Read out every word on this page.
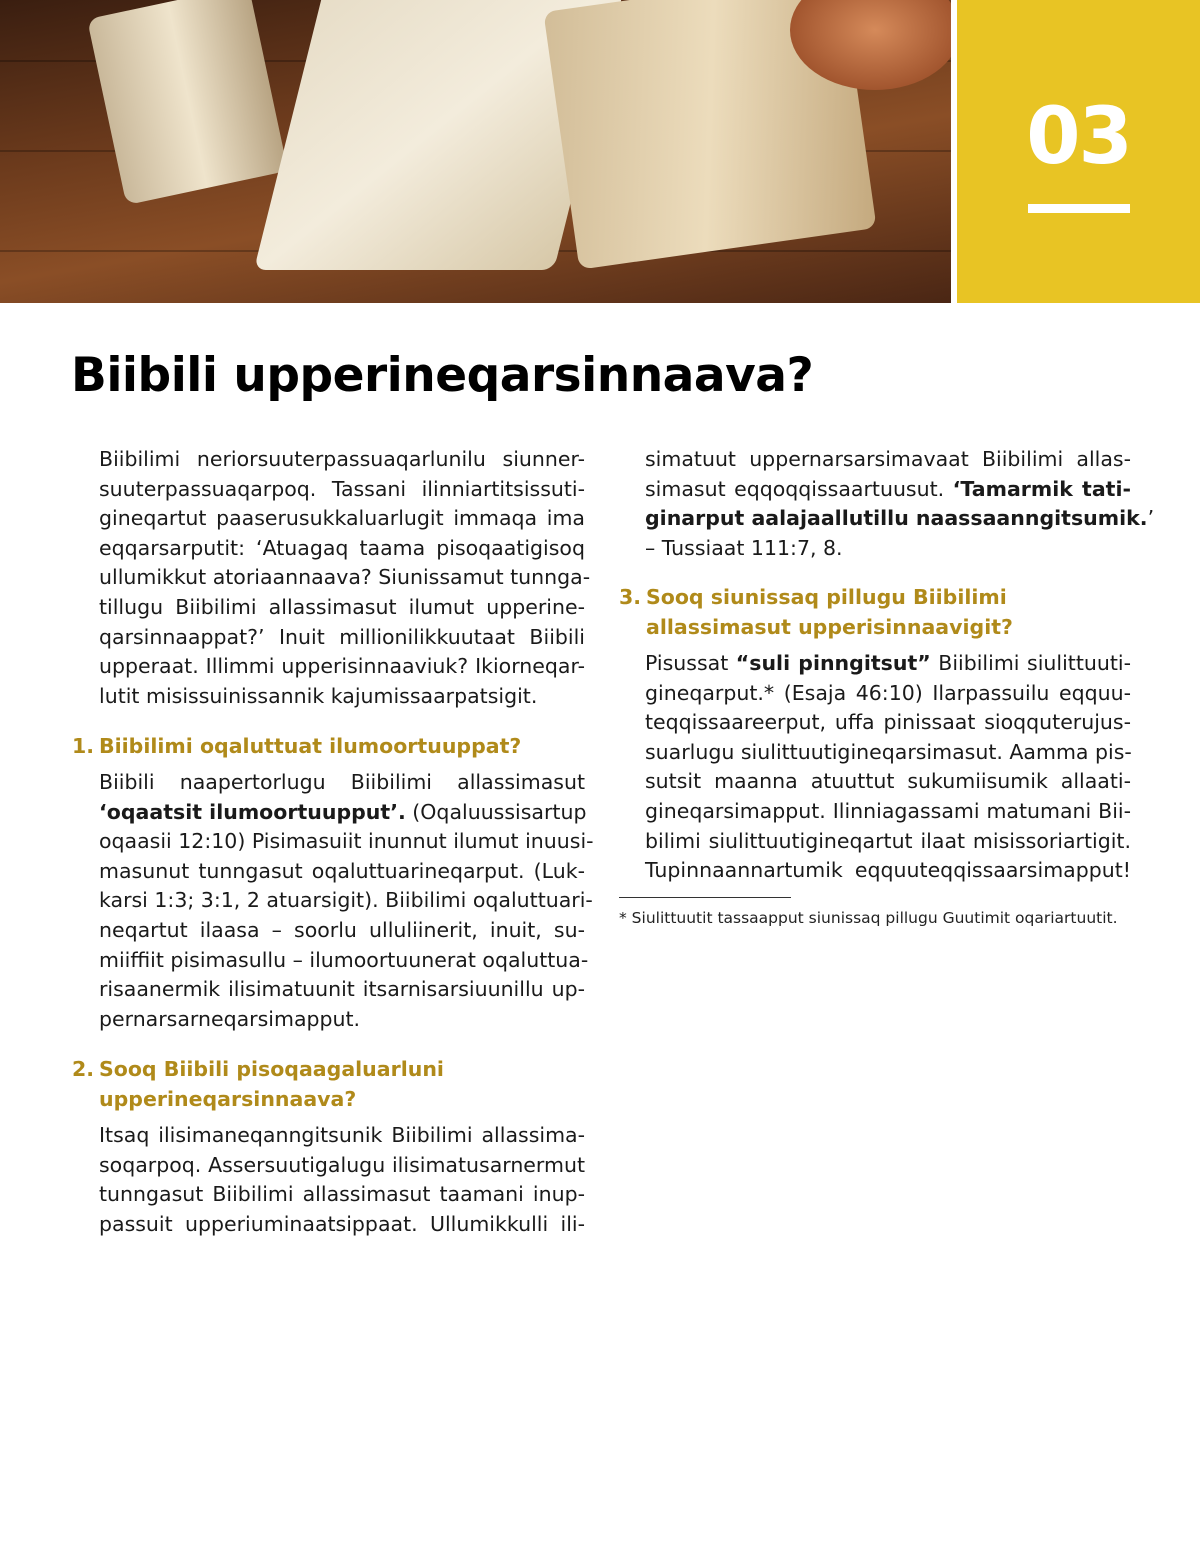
03
Biibili upperineqarsinnaava?
Biibilimi neriorsuuterpassuaqarlunilu siunner-
suuterpassuaqarpoq. Tassani ilinniartitsissuti-
gineqartut paaserusukkaluarlugit immaqa ima
eqqarsarputit: ‘Atuagaq taama pisoqaatigisoq
ullumikkut atoriaannaava? Siunissamut tunnga-
tillugu Biibilimi allassimasut ilumut upperine-
qarsinnaappat?’ Inuit millionilikkuutaat Biibili
upperaat. Illimmi upperisinnaaviuk? Ikiorneqar-
lutit misissuinissannik kajumissaarpatsigit.
1. Biibilimi oqaluttuat ilumoortuuppat?
Biibili naapertorlugu Biibilimi allassimasut
‘oqaatsit ilumoortuupput’. (Oqaluussisartup
oqaasii 12:10) Pisimasuiit inunnut ilumut inuusi-
masunut tunngasut oqaluttuarineqarput. (Luk-
karsi 1:3; 3:1, 2 atuarsigit). Biibilimi oqaluttuari-
neqartut ilaasa – soorlu ulluliinerit, inuit, su-
miiffiit pisimasullu – ilumoortuunerat oqaluttua-
risaanermik ilisimatuunit itsarnisarsiuunillu up-
pernarsarneqarsimapput.
2. Sooq Biibili pisoqaagaluarluni
upperineqarsinnaava?
Itsaq ilisimaneqanngitsunik Biibilimi allassima-
soqarpoq. Assersuutigalugu ilisimatusarnermut
tunngasut Biibilimi allassimasut taamani inup-
passuit upperiuminaatsippaat. Ullumikkulli ili-
simatuut uppernarsarsimavaat Biibilimi allas-
simasut eqqoqqissaartuusut. ‘Tamarmik tati-
ginarput aalajaallutillu naassaanngitsumik.’
– Tussiaat 111:7, 8.
3. Sooq siunissaq pillugu Biibilimi
allassimasut upperisinnaavigit?
Pisussat “suli pinngitsut” Biibilimi siulittuuti-
gineqarput.* (Esaja 46:10) Ilarpassuilu eqquu-
teqqissaareerput, uffa pinissaat sioqquterujus-
suarlugu siulittuutigineqarsimasut. Aamma pis-
sutsit maanna atuuttut sukumiisumik allaati-
gineqarsimapput. Ilinniagassami matumani Bii-
bilimi siulittuutigineqartut ilaat misissoriartigit.
Tupinnaannartumik eqquuteqqissaarsimapput!
* Siulittuutit tassaapput siunissaq pillugu Guutimit oqariartuutit.
